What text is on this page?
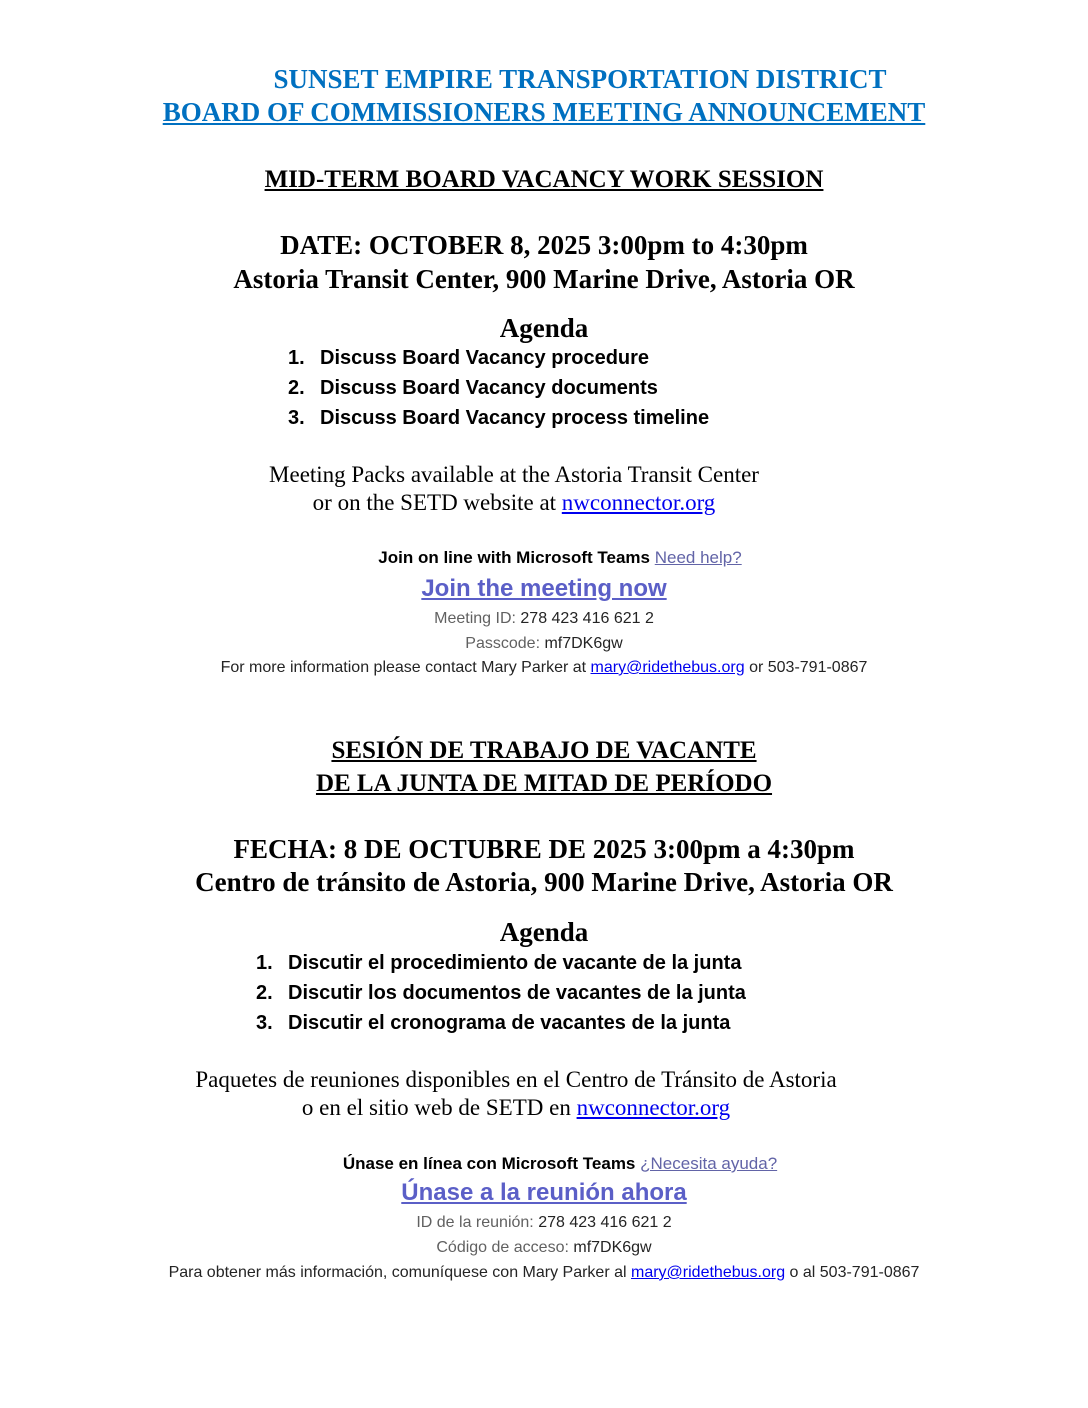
SUNSET EMPIRE TRANSPORTATION DISTRICT
BOARD OF COMMISSIONERS MEETING ANNOUNCEMENT
MID-TERM BOARD VACANCY WORK SESSION
DATE: OCTOBER 8, 2025 3:00pm to 4:30pm
Astoria Transit Center, 900 Marine Drive, Astoria OR
Agenda
1. Discuss Board Vacancy procedure
2. Discuss Board Vacancy documents
3. Discuss Board Vacancy process timeline
Meeting Packs available at the Astoria Transit Center
or on the SETD website at nwconnector.org
Join on line with Microsoft Teams Need help?
Join the meeting now
Meeting ID: 278 423 416 621 2
Passcode: mf7DK6gw
For more information please contact Mary Parker at mary@ridethebus.org or 503-791-0867
SESIÓN DE TRABAJO DE VACANTE
DE LA JUNTA DE MITAD DE PERÍODO
FECHA: 8 DE OCTUBRE DE 2025 3:00pm a 4:30pm
Centro de tránsito de Astoria, 900 Marine Drive, Astoria OR
Agenda
1. Discutir el procedimiento de vacante de la junta
2. Discutir los documentos de vacantes de la junta
3. Discutir el cronograma de vacantes de la junta
Paquetes de reuniones disponibles en el Centro de Tránsito de Astoria
o en el sitio web de SETD en nwconnector.org
Únase en línea con Microsoft Teams ¿Necesita ayuda?
Únase a la reunión ahora
ID de la reunión: 278 423 416 621 2
Código de acceso: mf7DK6gw
Para obtener más información, comuníquese con Mary Parker al mary@ridethebus.org o al 503-791-0867
